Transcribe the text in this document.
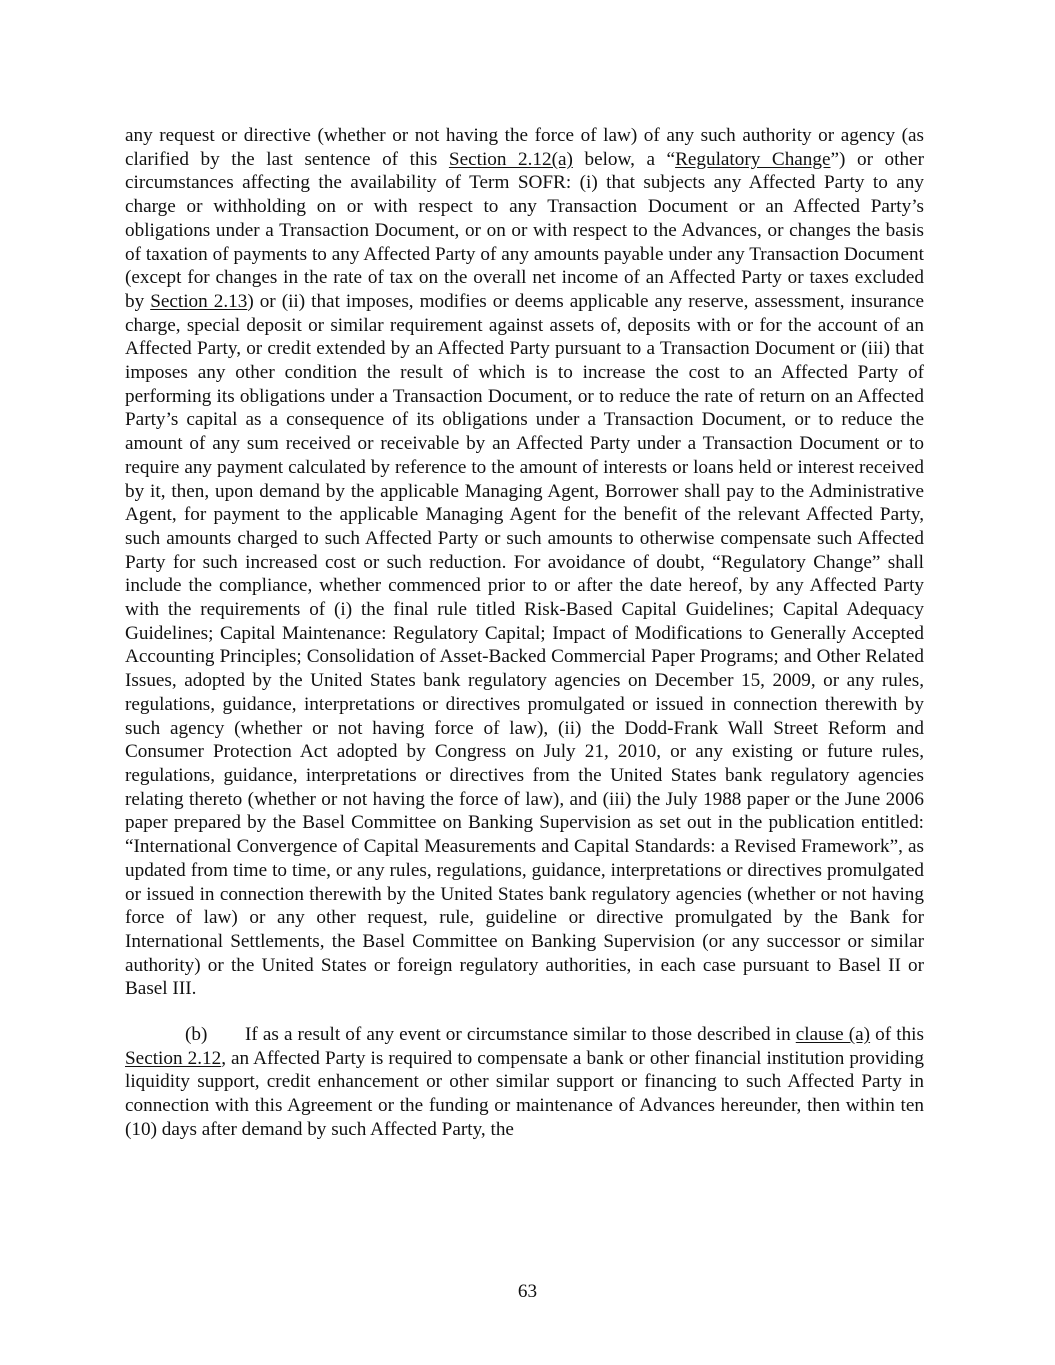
any request or directive (whether or not having the force of law) of any such authority or agency (as clarified by the last sentence of this Section 2.12(a) below, a “Regulatory Change”) or other circumstances affecting the availability of Term SOFR: (i) that subjects any Affected Party to any charge or withholding on or with respect to any Transaction Document or an Affected Party’s obligations under a Transaction Document, or on or with respect to the Advances, or changes the basis of taxation of payments to any Affected Party of any amounts payable under any Transaction Document (except for changes in the rate of tax on the overall net income of an Affected Party or taxes excluded by Section 2.13) or (ii) that imposes, modifies or deems applicable any reserve, assessment, insurance charge, special deposit or similar requirement against assets of, deposits with or for the account of an Affected Party, or credit extended by an Affected Party pursuant to a Transaction Document or (iii) that imposes any other condition the result of which is to increase the cost to an Affected Party of performing its obligations under a Transaction Document, or to reduce the rate of return on an Affected Party’s capital as a consequence of its obligations under a Transaction Document, or to reduce the amount of any sum received or receivable by an Affected Party under a Transaction Document or to require any payment calculated by reference to the amount of interests or loans held or interest received by it, then, upon demand by the applicable Managing Agent, Borrower shall pay to the Administrative Agent, for payment to the applicable Managing Agent for the benefit of the relevant Affected Party, such amounts charged to such Affected Party or such amounts to otherwise compensate such Affected Party for such increased cost or such reduction. For avoidance of doubt, “Regulatory Change” shall include the compliance, whether commenced prior to or after the date hereof, by any Affected Party with the requirements of (i) the final rule titled Risk-Based Capital Guidelines; Capital Adequacy Guidelines; Capital Maintenance: Regulatory Capital; Impact of Modifications to Generally Accepted Accounting Principles; Consolidation of Asset-Backed Commercial Paper Programs; and Other Related Issues, adopted by the United States bank regulatory agencies on December 15, 2009, or any rules, regulations, guidance, interpretations or directives promulgated or issued in connection therewith by such agency (whether or not having force of law), (ii) the Dodd-Frank Wall Street Reform and Consumer Protection Act adopted by Congress on July 21, 2010, or any existing or future rules, regulations, guidance, interpretations or directives from the United States bank regulatory agencies relating thereto (whether or not having the force of law), and (iii) the July 1988 paper or the June 2006 paper prepared by the Basel Committee on Banking Supervision as set out in the publication entitled: “International Convergence of Capital Measurements and Capital Standards: a Revised Framework”, as updated from time to time, or any rules, regulations, guidance, interpretations or directives promulgated or issued in connection therewith by the United States bank regulatory agencies (whether or not having force of law) or any other request, rule, guideline or directive promulgated by the Bank for International Settlements, the Basel Committee on Banking Supervision (or any successor or similar authority) or the United States or foreign regulatory authorities, in each case pursuant to Basel II or Basel III.

(b) If as a result of any event or circumstance similar to those described in clause (a) of this Section 2.12, an Affected Party is required to compensate a bank or other financial institution providing liquidity support, credit enhancement or other similar support or financing to such Affected Party in connection with this Agreement or the funding or maintenance of Advances hereunder, then within ten (10) days after demand by such Affected Party, the

63
